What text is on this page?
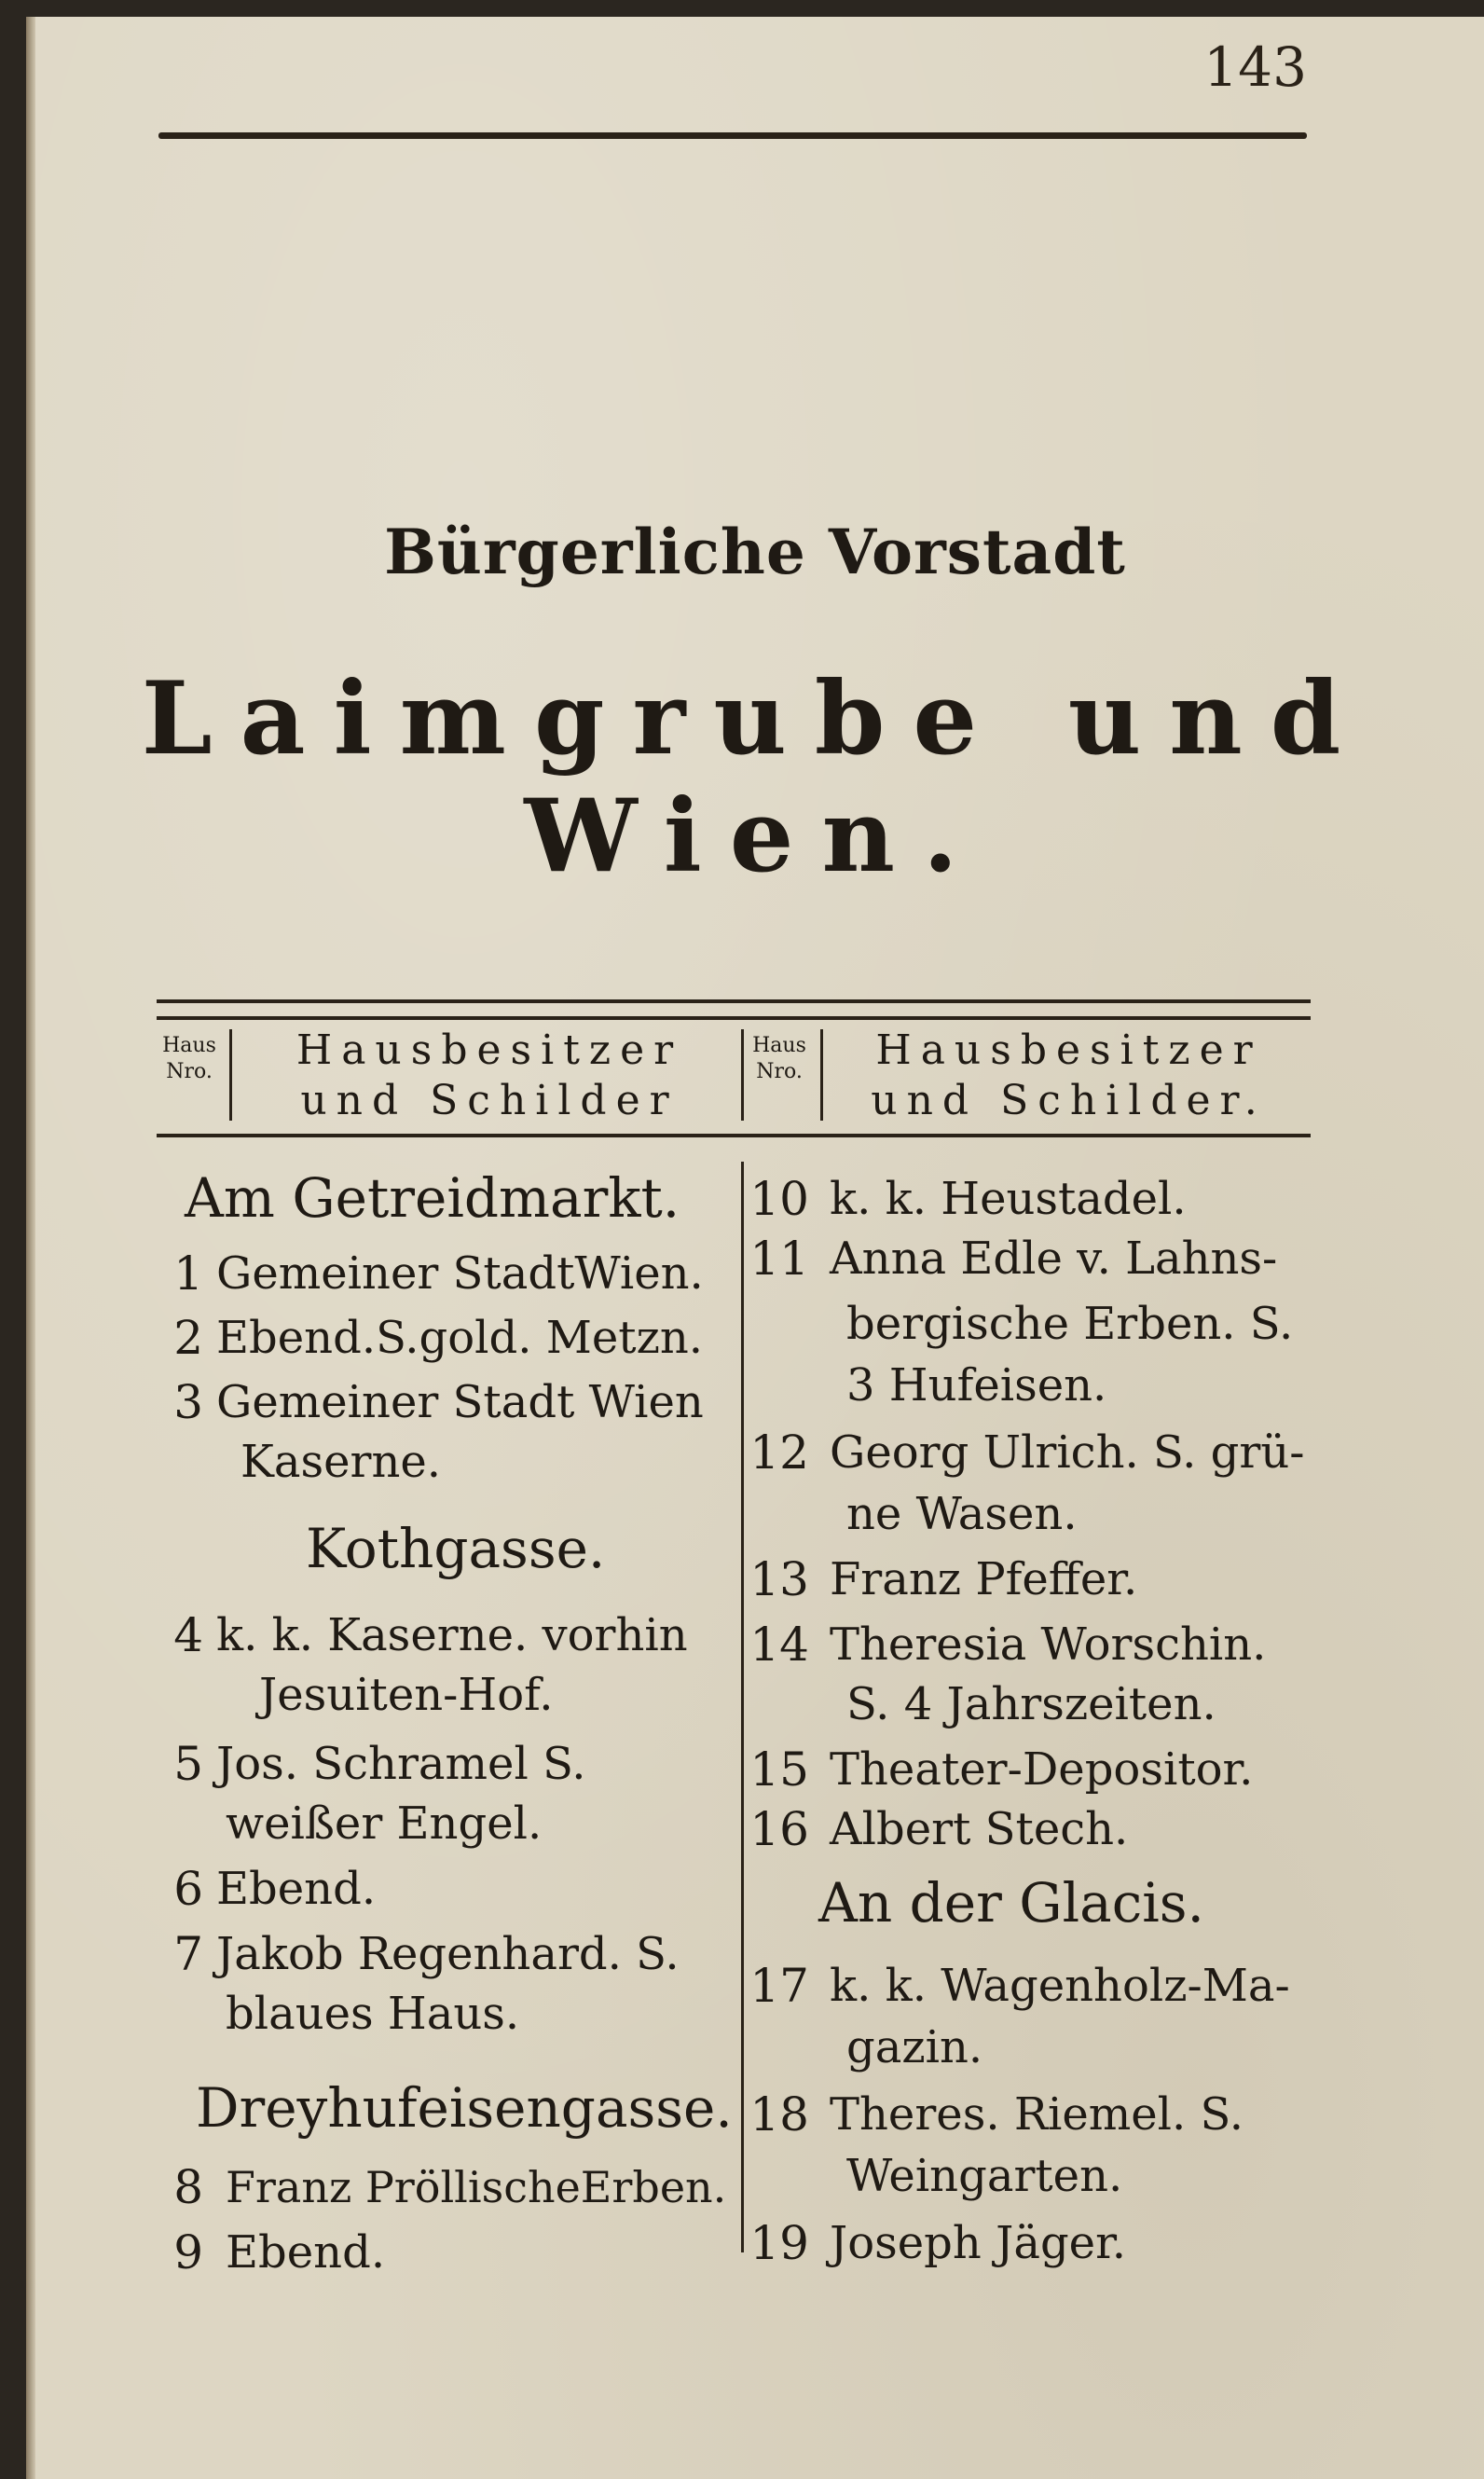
143
Bürgerliche Vorstadt
Laimgrube und Wien.
Haus Nro.	Hausbesitzer und Schilder
Haus Nro.	Hausbesitzer und Schilder.
Am Getreidmarkt.
1 Gemeiner StadtWien.
2 Ebend.S.gold. Metzn.
3 Gemeiner Stadt Wien
Kaserne.
Kothgasse.
4 k. k. Kaserne. vorhin
Jesuiten-Hof.
5 Jos. Schramel S.
weißer Engel.
6 Ebend.
7 Jakob Regenhard. S.
blaues Haus.
Dreyhufeisengasse.
8 Franz PröllischeErben.
9 Ebend.
10 k. k. Heustadel.
11 Anna Edle v. Lahns-
bergische Erben. S.
3 Hufeisen.
12 Georg Ulrich. S. grü-
ne Wasen.
13 Franz Pfeffer.
14 Theresia Worschin.
S. 4 Jahrszeiten.
15 Theater-Depositor.
16 Albert Stech.
An der Glacis.
17 k. k. Wagenholz-Ma-
gazin.
18 Theres. Riemel. S.
Weingarten.
19 Joseph Jäger.
